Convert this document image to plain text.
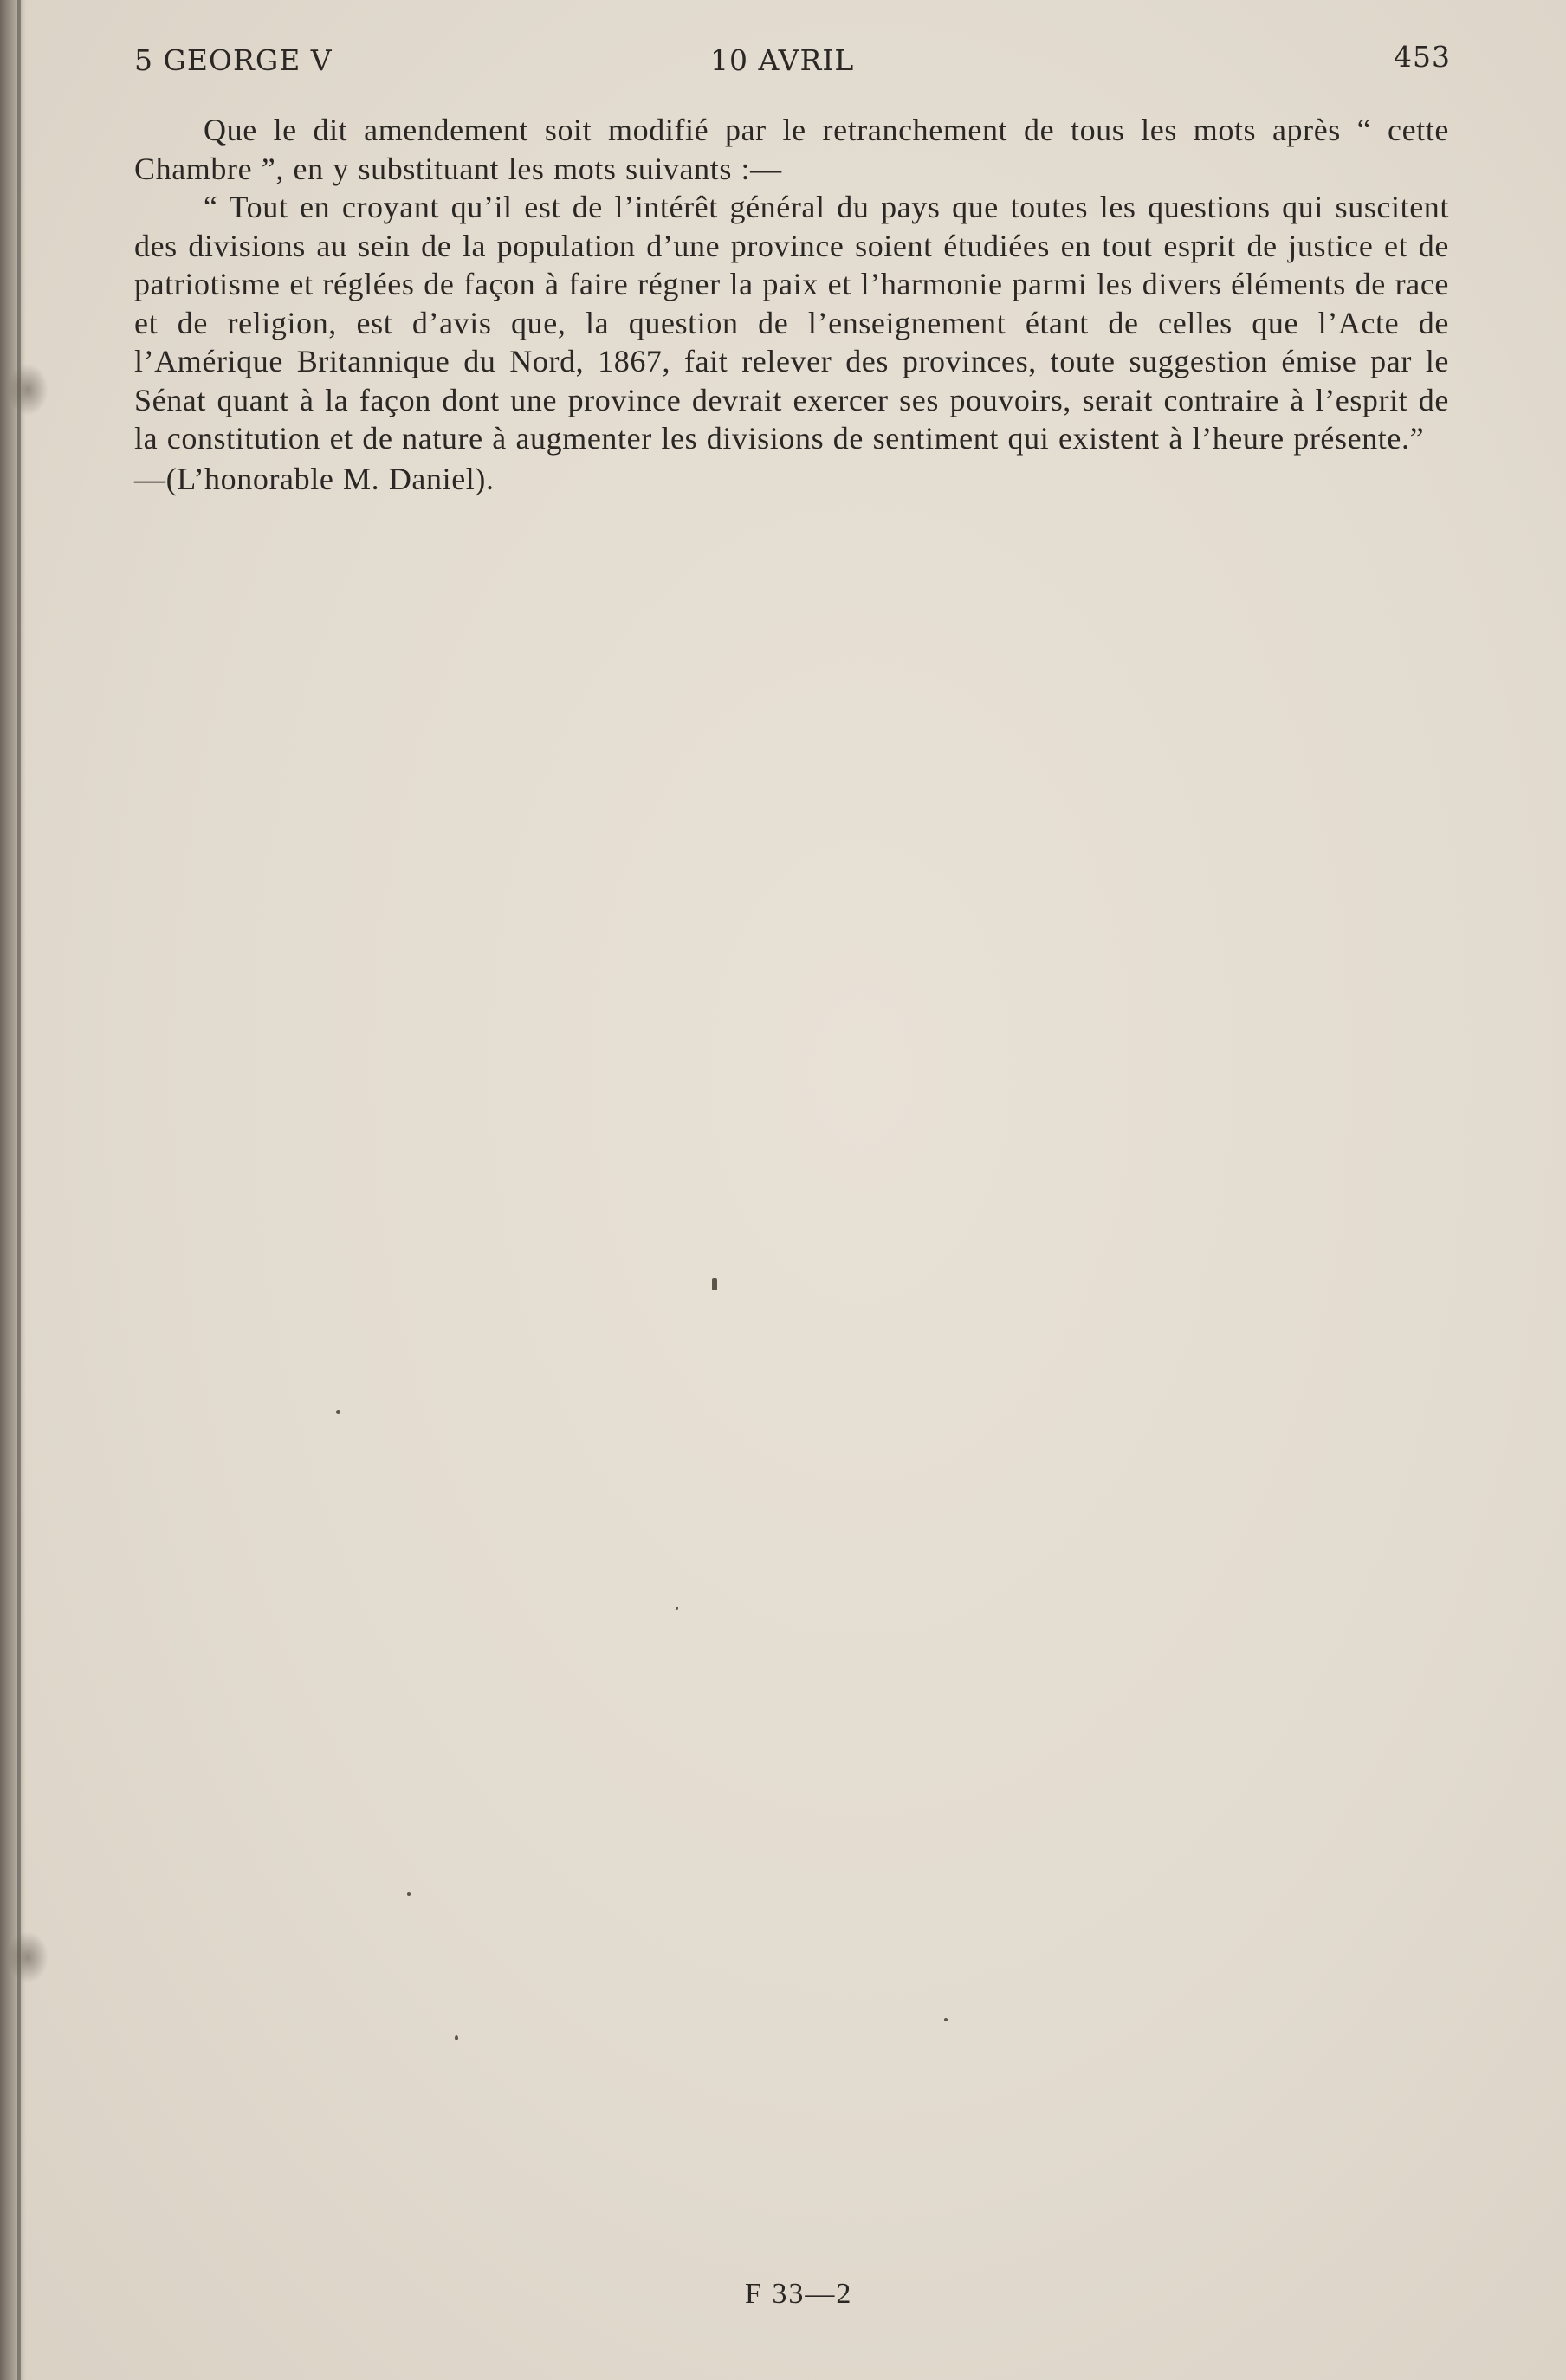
5 GEORGE V	10 AVRIL	453

Que le dit amendement soit modifié par le retranchement de tous les mots après “ cette Chambre ”, en y substituant les mots suivants :—

“ Tout en croyant qu’il est de l’intérêt général du pays que toutes les questions qui suscitent des divisions au sein de la population d’une province soient étudiées en tout esprit de justice et de patriotisme et réglées de façon à faire régner la paix et l’harmonie parmi les divers éléments de race et de religion, est d’avis que, la question de l’enseignement étant de celles que l’Acte de l’Amérique Britannique du Nord, 1867, fait relever des provinces, toute suggestion émise par le Sénat quant à la façon dont une province devrait exercer ses pouvoirs, serait contraire à l’esprit de la constitution et de nature à augmenter les divisions de sentiment qui existent à l’heure présente.”

—(L’honorable M. Daniel).

F 33—2
